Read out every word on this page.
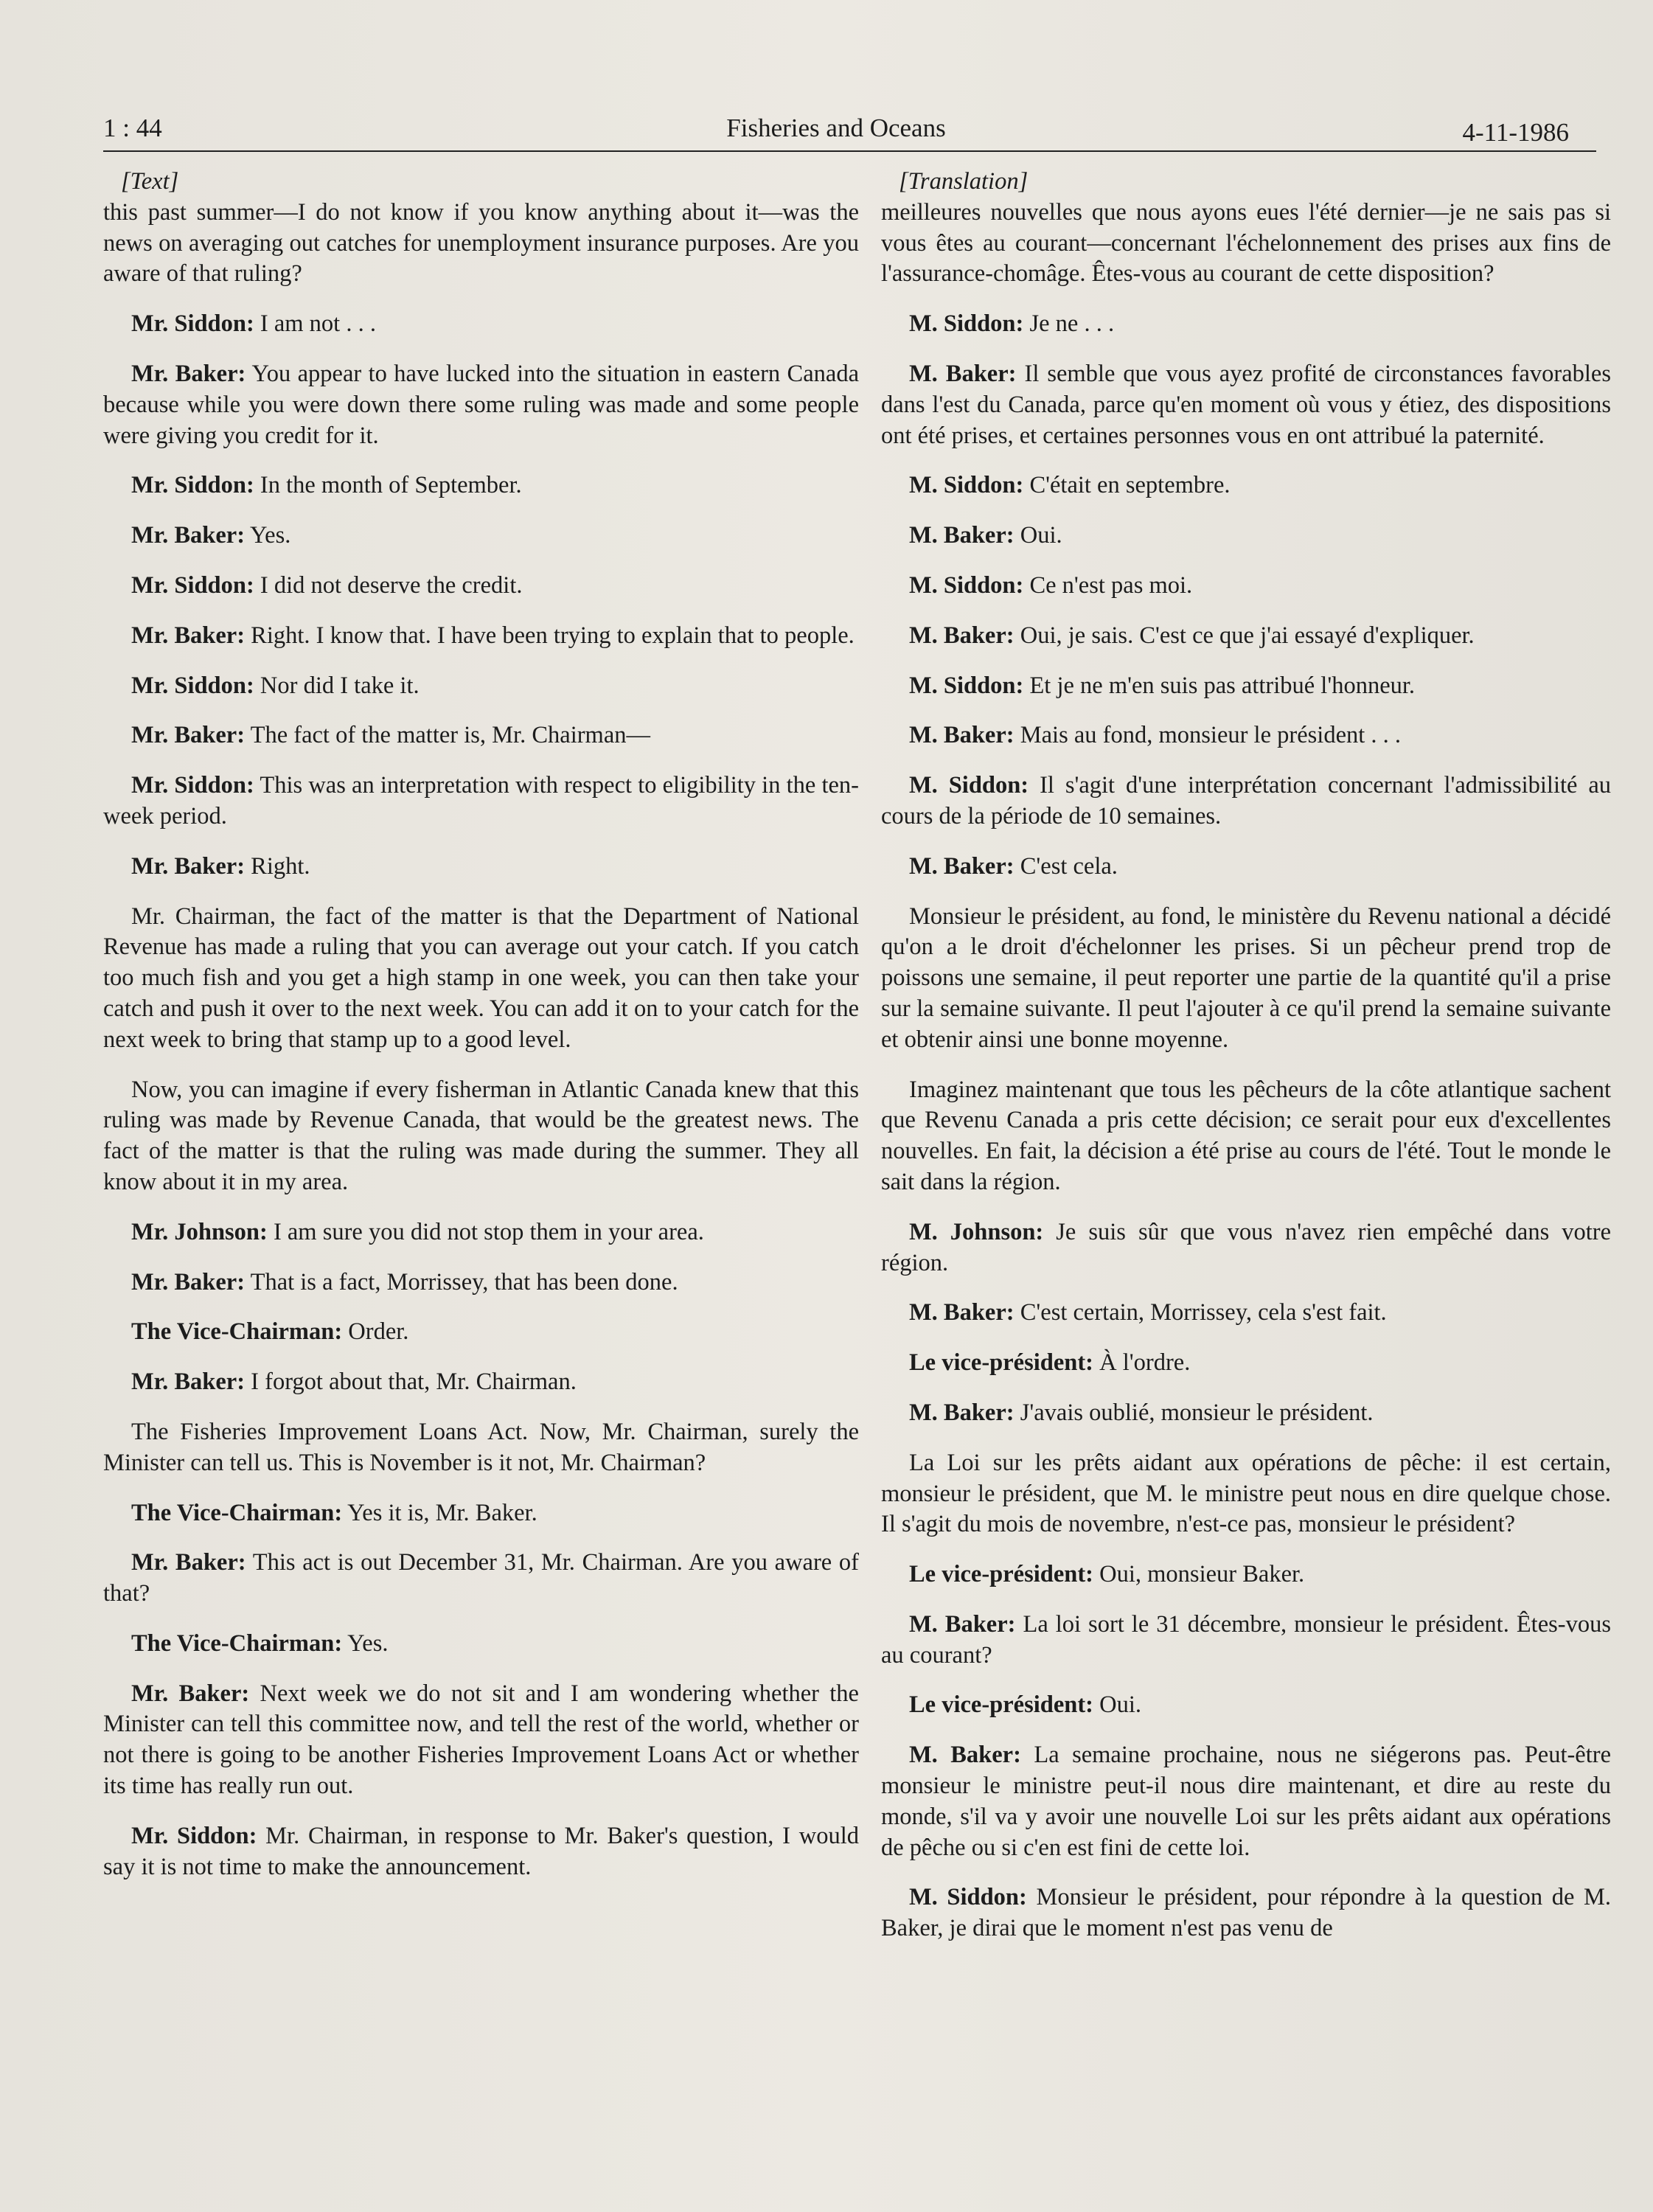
1 : 44	Fisheries and Oceans	4-11-1986
[Text]

this past summer—I do not know if you know anything about it—was the news on averaging out catches for unemployment insurance purposes. Are you aware of that ruling?

Mr. Siddon: I am not . . .

Mr. Baker: You appear to have lucked into the situation in eastern Canada because while you were down there some ruling was made and some people were giving you credit for it.

Mr. Siddon: In the month of September.

Mr. Baker: Yes.

Mr. Siddon: I did not deserve the credit.

Mr. Baker: Right. I know that. I have been trying to explain that to people.

Mr. Siddon: Nor did I take it.

Mr. Baker: The fact of the matter is, Mr. Chairman—

Mr. Siddon: This was an interpretation with respect to eligibility in the ten-week period.

Mr. Baker: Right.

Mr. Chairman, the fact of the matter is that the Department of National Revenue has made a ruling that you can average out your catch. If you catch too much fish and you get a high stamp in one week, you can then take your catch and push it over to the next week. You can add it on to your catch for the next week to bring that stamp up to a good level.

Now, you can imagine if every fisherman in Atlantic Canada knew that this ruling was made by Revenue Canada, that would be the greatest news. The fact of the matter is that the ruling was made during the summer. They all know about it in my area.

Mr. Johnson: I am sure you did not stop them in your area.

Mr. Baker: That is a fact, Morrissey, that has been done.

The Vice-Chairman: Order.

Mr. Baker: I forgot about that, Mr. Chairman.

The Fisheries Improvement Loans Act. Now, Mr. Chairman, surely the Minister can tell us. This is November is it not, Mr. Chairman?

The Vice-Chairman: Yes it is, Mr. Baker.

Mr. Baker: This act is out December 31, Mr. Chairman. Are you aware of that?

The Vice-Chairman: Yes.

Mr. Baker: Next week we do not sit and I am wondering whether the Minister can tell this committee now, and tell the rest of the world, whether or not there is going to be another Fisheries Improvement Loans Act or whether its time has really run out.

Mr. Siddon: Mr. Chairman, in response to Mr. Baker's question, I would say it is not time to make the announcement.

[Translation]

meilleures nouvelles que nous ayons eues l'été dernier—je ne sais pas si vous êtes au courant—concernant l'échelonnement des prises aux fins de l'assurance-chomâge. Êtes-vous au courant de cette disposition?

M. Siddon: Je ne . . .

M. Baker: Il semble que vous ayez profité de circonstances favorables dans l'est du Canada, parce qu'en moment où vous y étiez, des dispositions ont été prises, et certaines personnes vous en ont attribué la paternité.

M. Siddon: C'était en septembre.

M. Baker: Oui.

M. Siddon: Ce n'est pas moi.

M. Baker: Oui, je sais. C'est ce que j'ai essayé d'expliquer.

M. Siddon: Et je ne m'en suis pas attribué l'honneur.

M. Baker: Mais au fond, monsieur le président . . .

M. Siddon: Il s'agit d'une interprétation concernant l'admissibilité au cours de la période de 10 semaines.

M. Baker: C'est cela.

Monsieur le président, au fond, le ministère du Revenu national a décidé qu'on a le droit d'échelonner les prises. Si un pêcheur prend trop de poissons une semaine, il peut reporter une partie de la quantité qu'il a prise sur la semaine suivante. Il peut l'ajouter à ce qu'il prend la semaine suivante et obtenir ainsi une bonne moyenne.

Imaginez maintenant que tous les pêcheurs de la côte atlantique sachent que Revenu Canada a pris cette décision; ce serait pour eux d'excellentes nouvelles. En fait, la décision a été prise au cours de l'été. Tout le monde le sait dans la région.

M. Johnson: Je suis sûr que vous n'avez rien empêché dans votre région.

M. Baker: C'est certain, Morrissey, cela s'est fait.

Le vice-président: À l'ordre.

M. Baker: J'avais oublié, monsieur le président.

La Loi sur les prêts aidant aux opérations de pêche: il est certain, monsieur le président, que M. le ministre peut nous en dire quelque chose. Il s'agit du mois de novembre, n'est-ce pas, monsieur le président?

Le vice-président: Oui, monsieur Baker.

M. Baker: La loi sort le 31 décembre, monsieur le président. Êtes-vous au courant?

Le vice-président: Oui.

M. Baker: La semaine prochaine, nous ne siégerons pas. Peut-être monsieur le ministre peut-il nous dire maintenant, et dire au reste du monde, s'il va y avoir une nouvelle Loi sur les prêts aidant aux opérations de pêche ou si c'en est fini de cette loi.

M. Siddon: Monsieur le président, pour répondre à la question de M. Baker, je dirai que le moment n'est pas venu de
